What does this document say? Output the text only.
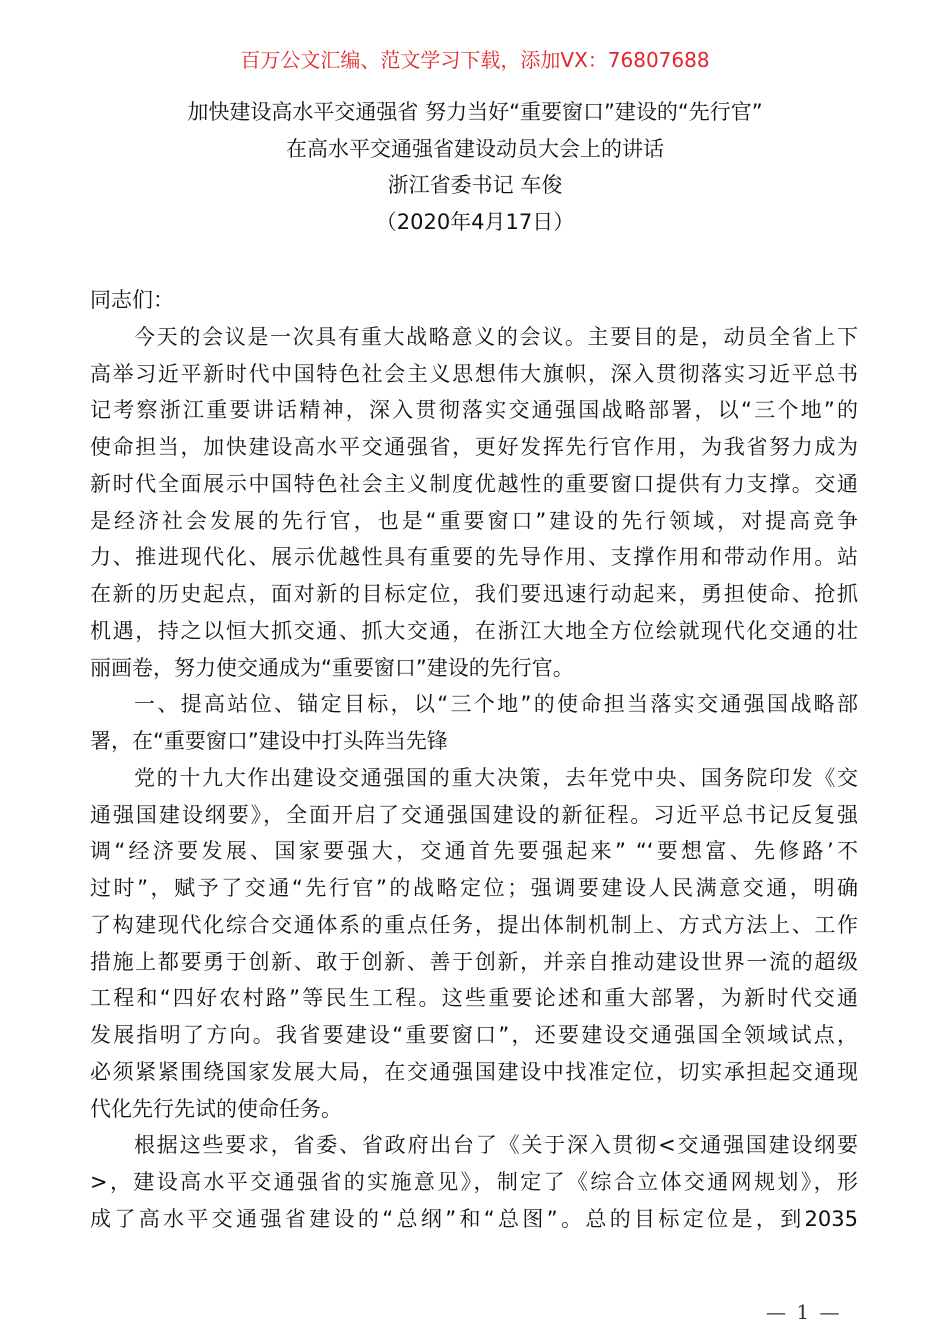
百万公文汇编、范文学习下载，添加VX：76807688
加快建设高水平交通强省 努力当好“重要窗口”建设的“先行官”
在高水平交通强省建设动员大会上的讲话
浙江省委书记 车俊
（2020年4月17日）
同志们：
今天的会议是一次具有重大战略意义的会议。主要目的是，动员全省上下
高举习近平新时代中国特色社会主义思想伟大旗帜，深入贯彻落实习近平总书
记考察浙江重要讲话精神，深入贯彻落实交通强国战略部署，以“三个地”的
使命担当，加快建设高水平交通强省，更好发挥先行官作用，为我省努力成为
新时代全面展示中国特色社会主义制度优越性的重要窗口提供有力支撑。交通
是经济社会发展的先行官，也是“重要窗口”建设的先行领域，对提高竞争
力、推进现代化、展示优越性具有重要的先导作用、支撑作用和带动作用。站
在新的历史起点，面对新的目标定位，我们要迅速行动起来，勇担使命、抢抓
机遇，持之以恒大抓交通、抓大交通，在浙江大地全方位绘就现代化交通的壮
丽画卷，努力使交通成为“重要窗口”建设的先行官。
一、提高站位、锚定目标，以“三个地”的使命担当落实交通强国战略部
署，在“重要窗口”建设中打头阵当先锋
党的十九大作出建设交通强国的重大决策，去年党中央、国务院印发《交
通强国建设纲要》，全面开启了交通强国建设的新征程。习近平总书记反复强
调“经济要发展、国家要强大，交通首先要强起来” “‘要想富、先修路’不
过时”，赋予了交通“先行官”的战略定位；强调要建设人民满意交通，明确
了构建现代化综合交通体系的重点任务，提出体制机制上、方式方法上、工作
措施上都要勇于创新、敢于创新、善于创新，并亲自推动建设世界一流的超级
工程和“四好农村路”等民生工程。这些重要论述和重大部署，为新时代交通
发展指明了方向。我省要建设“重要窗口”，还要建设交通强国全领域试点，
必须紧紧围绕国家发展大局，在交通强国建设中找准定位，切实承担起交通现
代化先行先试的使命任务。
根据这些要求，省委、省政府出台了《关于深入贯彻<交通强国建设纲要
>，建设高水平交通强省的实施意见》，制定了《综合立体交通网规划》，形
成了高水平交通强省建设的“总纲”和“总图”。总的目标定位是，到2035
— 1 —
